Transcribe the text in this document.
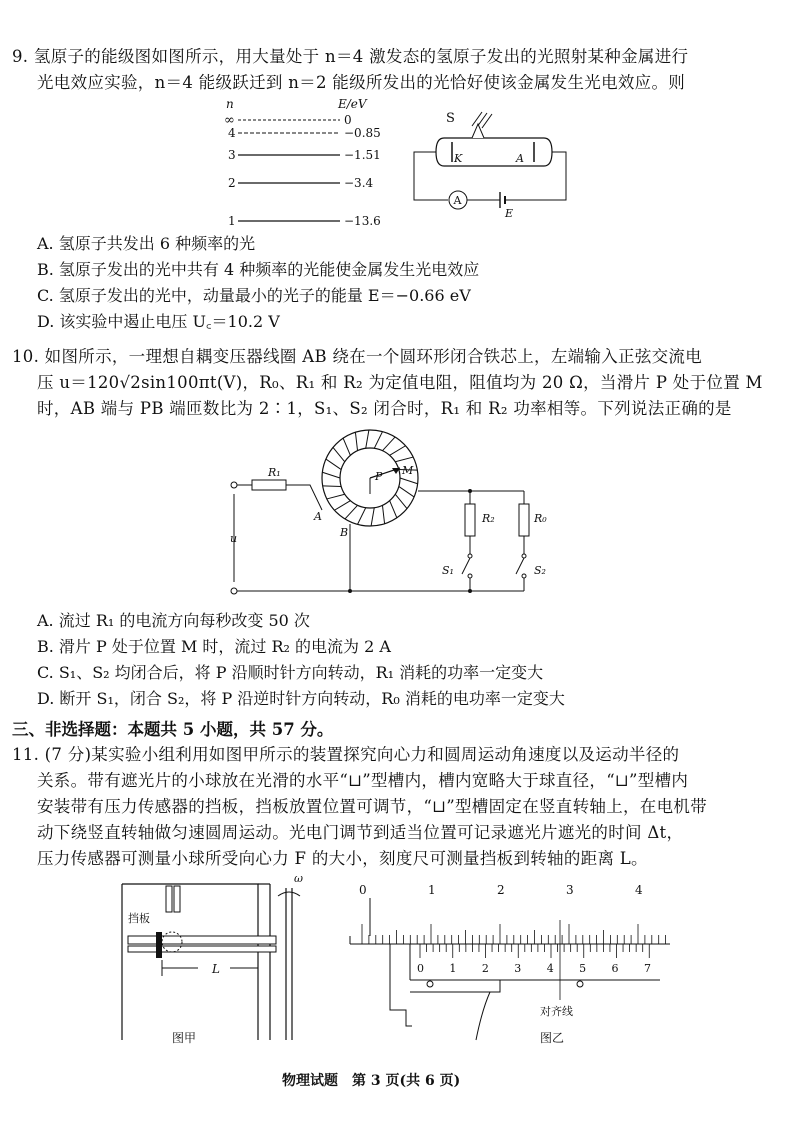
9. 氢原子的能级图如图所示，用大量处于 n＝4 激发态的氢原子发出的光照射某种金属进行
光电效应实验，n＝4 能级跃迁到 n＝2 能级所发出的光恰好使该金属发生光电效应。则
n	E/eV
∞	0
4	−0.85
3	−1.51
2	−3.4
1	−13.6
S
K	A
A
E
A. 氢原子共发出 6 种频率的光
B. 氢原子发出的光中共有 4 种频率的光能使金属发生光电效应
C. 氢原子发出的光中，动量最小的光子的能量 E＝−0.66 eV
D. 该实验中遏止电压 U꜀＝10.2 V
10. 如图所示，一理想自耦变压器线圈 AB 绕在一个圆环形闭合铁芯上，左端输入正弦交流电
压 u＝120√2sin100πt(V)，R₀、R₁ 和 R₂ 为定值电阻，阻值均为 20 Ω，当滑片 P 处于位置 M
时，AB 端与 PB 端匝数比为 2∶1，S₁、S₂ 闭合时，R₁ 和 R₂ 功率相等。下列说法正确的是
R₁
u
A
B
P M
R₂
S₁
R₀
S₂
A. 流过 R₁ 的电流方向每秒改变 50 次
B. 滑片 P 处于位置 M 时，流过 R₂ 的电流为 2 A
C. S₁、S₂ 均闭合后，将 P 沿顺时针方向转动，R₁ 消耗的功率一定变大
D. 断开 S₁，闭合 S₂，将 P 沿逆时针方向转动，R₀ 消耗的电功率一定变大
三、非选择题：本题共 5 小题，共 57 分。
11. (7 分)某实验小组利用如图甲所示的装置探究向心力和圆周运动角速度以及运动半径的
关系。带有遮光片的小球放在光滑的水平“⊔”型槽内，槽内宽略大于球直径，“⊔”型槽内
安装带有压力传感器的挡板，挡板放置位置可调节，“⊔”型槽固定在竖直转轴上，在电机带
动下绕竖直转轴做匀速圆周运动。光电门调节到适当位置可记录遮光片遮光的时间 Δt，
压力传感器可测量小球所受向心力 F 的大小，刻度尺可测量挡板到转轴的距离 L。
挡板
ω
L
图甲
0	1	2	3	4
0 1 2 3 4 5 6 7
对齐线
图乙
物理试题　第 3 页(共 6 页)
